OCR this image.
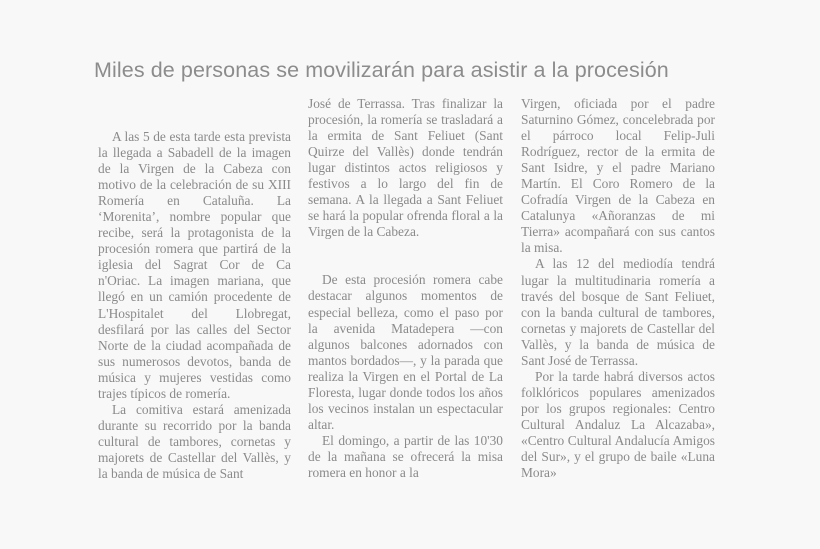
Miles de personas se movilizarán para asistir a la procesión

A las 5 de esta tarde esta prevista la llegada a Sabadell de la imagen de la Virgen de la Cabeza con motivo de la celebración de su XIII Romería en Cataluña. La ‘Morenita’, nombre popular que recibe, será la protagonista de la procesión romera que partirá de la iglesia del Sagrat Cor de Ca n'Oriac. La imagen mariana, que llegó en un camión procedente de L'Hospitalet del Llobregat, desfilará por las calles del Sector Norte de la ciudad acompañada de sus numerosos devotos, banda de música y mujeres vestidas como trajes típicos de romería.

La comitiva estará amenizada durante su recorrido por la banda cultural de tambores, cornetas y majorets de Castellar del Vallès, y la banda de música de Sant

José de Terrassa. Tras finalizar la procesión, la romería se trasladará a la ermita de Sant Feliuet (Sant Quirze del Vallès) donde tendrán lugar distintos actos religiosos y festivos a lo largo del fin de semana. A la llegada a Sant Feliuet se hará la popular ofrenda floral a la Virgen de la Cabeza.

De esta procesión romera cabe destacar algunos momentos de especial belleza, como el paso por la avenida Matadepera —con algunos balcones adornados con mantos bordados—, y la parada que realiza la Virgen en el Portal de La Floresta, lugar donde todos los años los vecinos instalan un espectacular altar.

El domingo, a partir de las 10'30 de la mañana se ofrecerá la misa romera en honor a la

Virgen, oficiada por el padre Saturnino Gómez, concelebrada por el párroco local Felip-Juli Rodríguez, rector de la ermita de Sant Isidre, y el padre Mariano Martín. El Coro Romero de la Cofradía Virgen de la Cabeza en Catalunya «Añoranzas de mi Tierra» acompañará con sus cantos la misa.

A las 12 del mediodía tendrá lugar la multitudinaria romería a través del bosque de Sant Feliuet, con la banda cultural de tambores, cornetas y majorets de Castellar del Vallès, y la banda de música de Sant José de Terrassa.

Por la tarde habrá diversos actos folklóricos populares amenizados por los grupos regionales: Centro Cultural Andaluz La Alcazaba», «Centro Cultural Andalucía Amigos del Sur», y el grupo de baile «Luna Mora»
